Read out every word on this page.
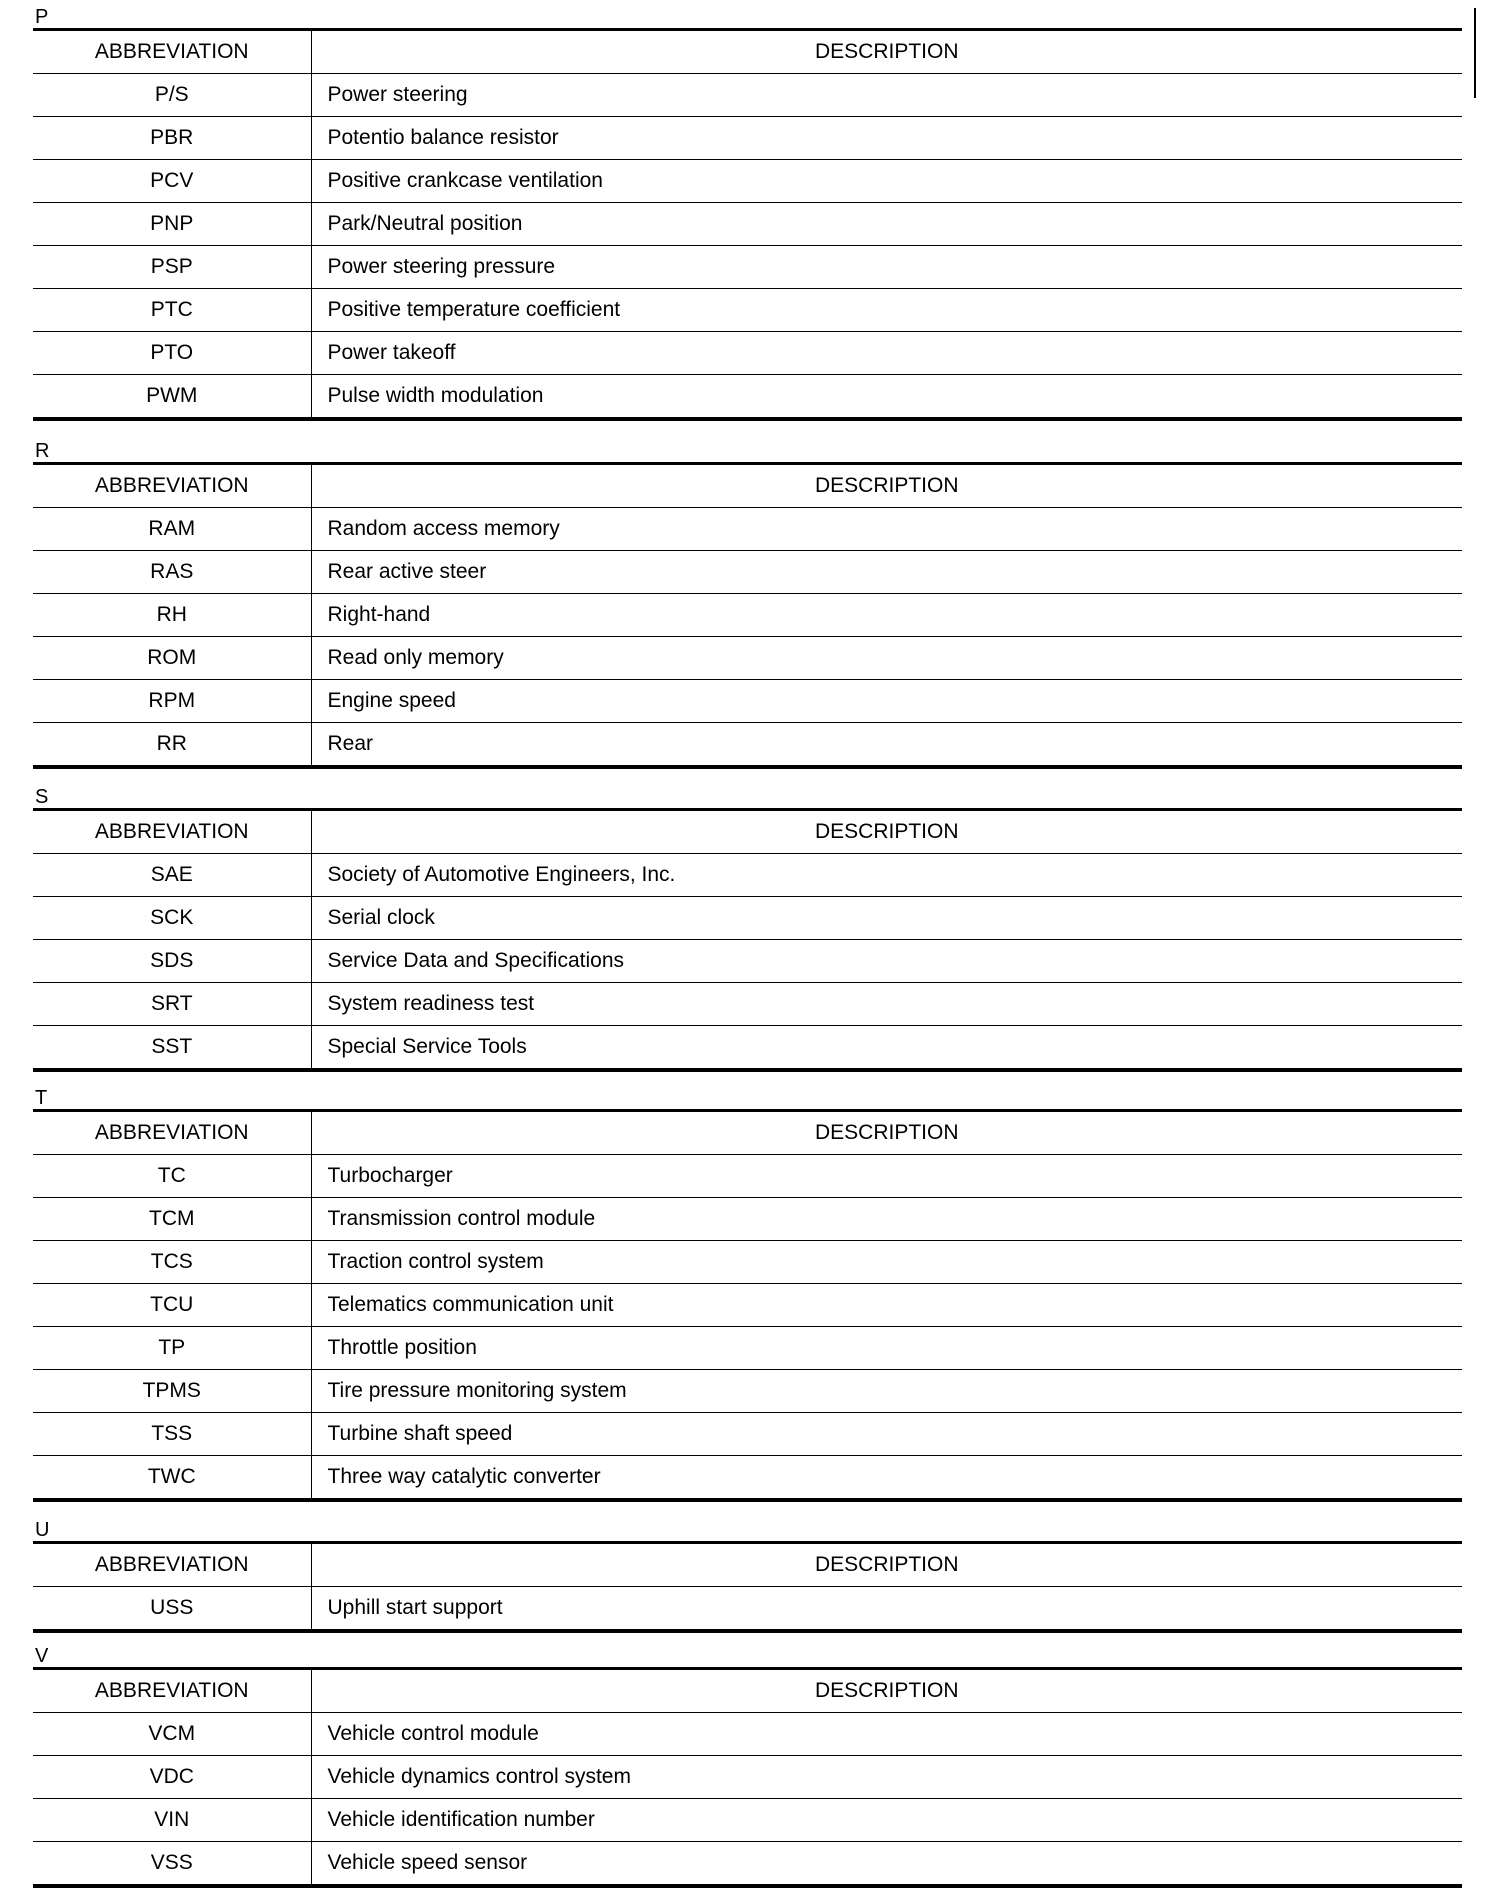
P
ABBREVIATION	DESCRIPTION
P/S	Power steering
PBR	Potentio balance resistor
PCV	Positive crankcase ventilation
PNP	Park/Neutral position
PSP	Power steering pressure
PTC	Positive temperature coefficient
PTO	Power takeoff
PWM	Pulse width modulation
R
ABBREVIATION	DESCRIPTION
RAM	Random access memory
RAS	Rear active steer
RH	Right-hand
ROM	Read only memory
RPM	Engine speed
RR	Rear
S
ABBREVIATION	DESCRIPTION
SAE	Society of Automotive Engineers, Inc.
SCK	Serial clock
SDS	Service Data and Specifications
SRT	System readiness test
SST	Special Service Tools
T
ABBREVIATION	DESCRIPTION
TC	Turbocharger
TCM	Transmission control module
TCS	Traction control system
TCU	Telematics communication unit
TP	Throttle position
TPMS	Tire pressure monitoring system
TSS	Turbine shaft speed
TWC	Three way catalytic converter
U
ABBREVIATION	DESCRIPTION
USS	Uphill start support
V
ABBREVIATION	DESCRIPTION
VCM	Vehicle control module
VDC	Vehicle dynamics control system
VIN	Vehicle identification number
VSS	Vehicle speed sensor
